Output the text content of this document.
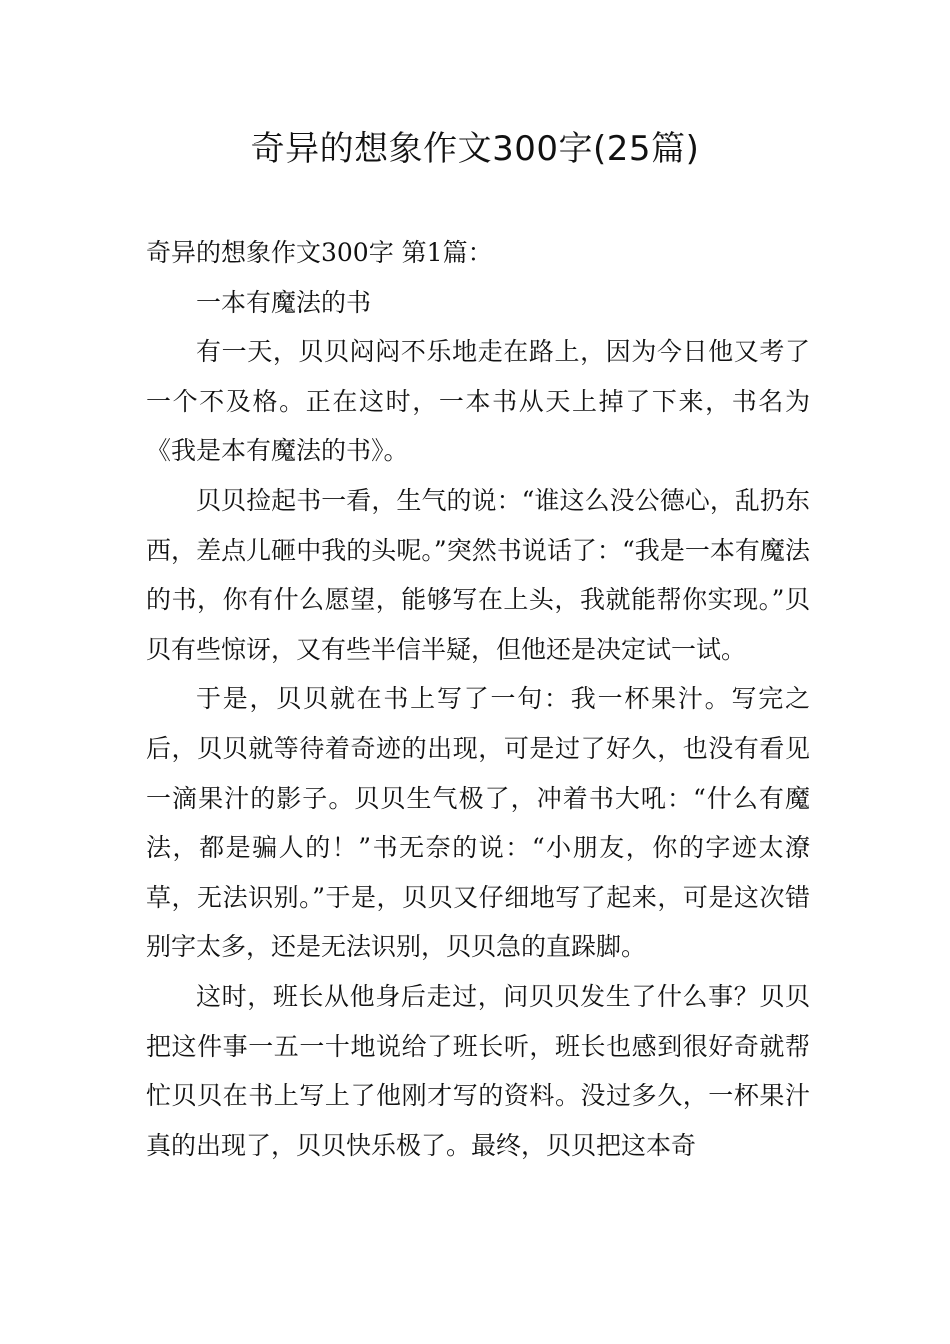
奇异的想象作文300字(25篇)

奇异的想象作文300字 第1篇：

一本有魔法的书

有一天，贝贝闷闷不乐地走在路上，因为今日他又考了一个不及格。正在这时，一本书从天上掉了下来，书名为《我是本有魔法的书》。

贝贝捡起书一看，生气的说：“谁这么没公德心，乱扔东西，差点儿砸中我的头呢。”突然书说话了：“我是一本有魔法的书，你有什么愿望，能够写在上头，我就能帮你实现。”贝贝有些惊讶，又有些半信半疑，但他还是决定试一试。

于是，贝贝就在书上写了一句：我一杯果汁。写完之后，贝贝就等待着奇迹的出现，可是过了好久，也没有看见一滴果汁的影子。贝贝生气极了，冲着书大吼：“什么有魔法，都是骗人的！”书无奈的说：“小朋友，你的字迹太潦草，无法识别。”于是，贝贝又仔细地写了起来，可是这次错别字太多，还是无法识别，贝贝急的直跺脚。

这时，班长从他身后走过，问贝贝发生了什么事？贝贝把这件事一五一十地说给了班长听，班长也感到很好奇就帮忙贝贝在书上写上了他刚才写的资料。没过多久，一杯果汁真的出现了，贝贝快乐极了。最终，贝贝把这本奇
